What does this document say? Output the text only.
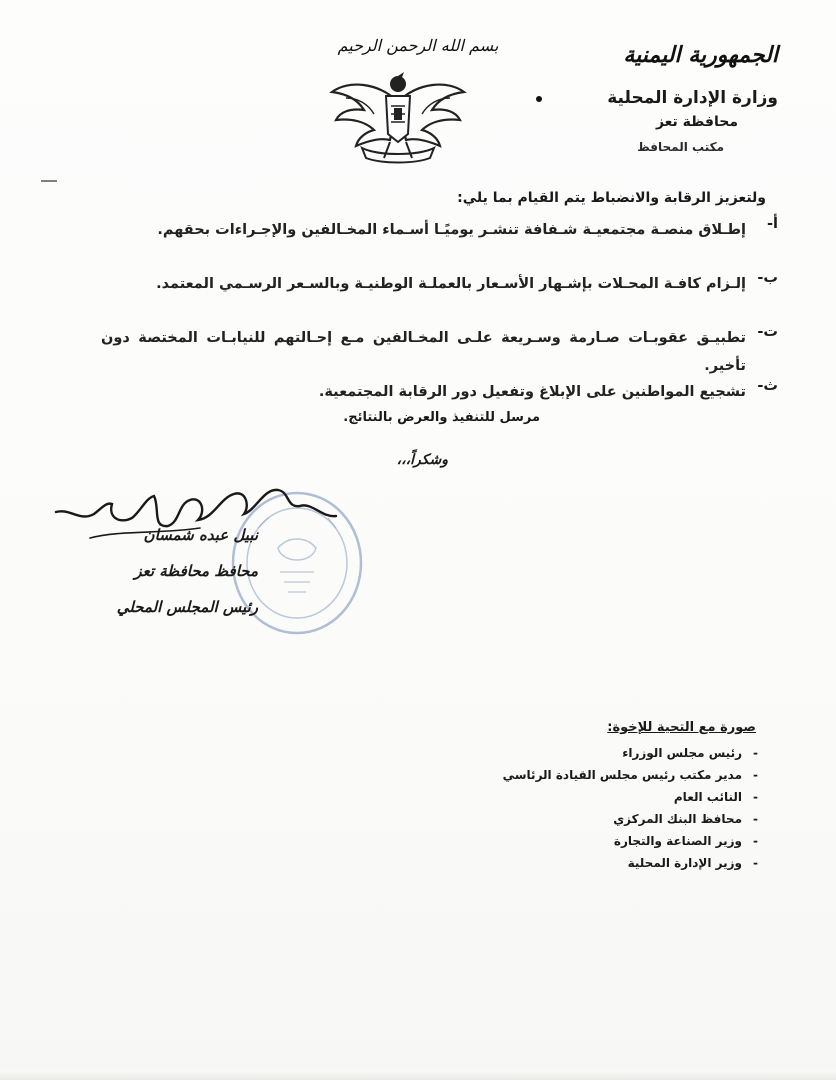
الجمهورية اليمنية
وزارة الإدارة المحلية
محافظة تعز
مكتب المحافظ
بسم الله الرحمن الرحيم
ولتعزيز الرقابة والانضباط يتم القيام بما يلي:
أ-
إطـلاق منصـة مجتمعيـة شـفافة تنشـر يوميًـا أسـماء المخـالفين والإجـراءات بحقهم.
ب-
إلـزام كافـة المحـلات بإشـهار الأسـعار بالعملـة الوطنيـة وبالسـعر الرسـمي المعتمد.
ت-
تطبيـق عقوبـات صـارمة وسـريعة علـى المخـالفين مـع إحـالتهم للنيابـات المختصة دون تأخير.
ث-
تشجيع المواطنين على الإبلاغ وتفعيل دور الرقابة المجتمعية.
مرسل للتنفيذ والعرض بالنتائج.
وشكراً،،،
نبيل عبده شمسان
محافظ محافظة تعز
رئيس المجلس المحلي
صورة مع التحية للإخوة:
-
رئيس مجلس الوزراء
-
مدير مكتب رئيس مجلس القيادة الرئاسي
-
النائب العام
-
محافظ البنك المركزي
-
وزير الصناعة والتجارة
-
وزير الإدارة المحلية
